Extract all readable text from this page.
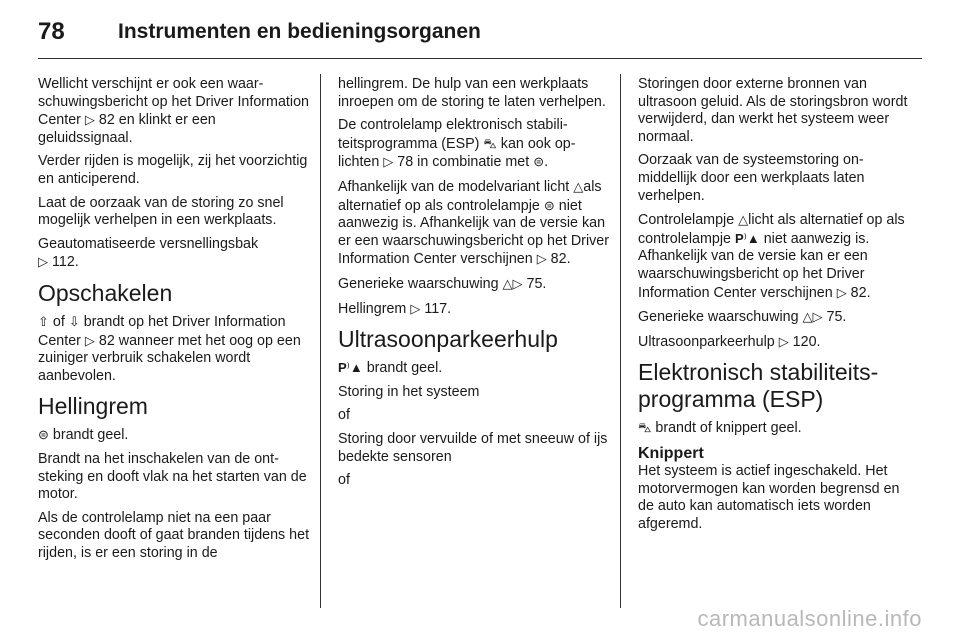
78	Instrumenten en bedieningsorganen

Wellicht verschijnt er ook een waarschuwingsbericht op het Driver Information Center ▷ 82 en klinkt er een geluidssignaal.

Verder rijden is mogelijk, zij het voorzichtig en anticiperend.

Laat de oorzaak van de storing zo snel mogelijk verhelpen in een werkplaats.

Geautomatiseerde versnellingsbak
▷ 112.

Opschakelen

⇧ of ⇩ brandt op het Driver Information Center ▷ 82 wanneer met het oog op een zuiniger verbruik schakelen wordt aanbevolen.

Hellingrem

⊜ brandt geel.

Brandt na het inschakelen van de ontsteking en dooft vlak na het starten van de motor.

Als de controlelamp niet na een paar seconden dooft of gaat branden tijdens het rijden, is er een storing in de

hellingrem. De hulp van een werkplaats inroepen om de storing te laten verhelpen.

De controlelamp elektronisch stabiliteitsprogramma (ESP) ⛍ kan ook oplichten ▷ 78 in combinatie met ⊜.

Afhankelijk van de modelvariant licht △als alternatief op als controlelampje ⊜ niet aanwezig is. Afhankelijk van de versie kan er een waarschuwingsbericht op het Driver Information Center verschijnen ▷ 82.

Generieke waarschuwing △▷ 75.

Hellingrem ▷ 117.

Ultrasoonparkeerhulp

P⁾▲ brandt geel.

Storing in het systeem

of

Storing door vervuilde of met sneeuw of ijs bedekte sensoren

of

Storingen door externe bronnen van ultrasoon geluid. Als de storingsbron wordt verwijderd, dan werkt het systeem weer normaal.

Oorzaak van de systeemstoring onmiddellijk door een werkplaats laten verhelpen.

Controlelampje △licht als alternatief op als controlelampje P⁾▲ niet aanwezig is. Afhankelijk van de versie kan er een waarschuwingsbericht op het Driver Information Center verschijnen ▷ 82.

Generieke waarschuwing △▷ 75.

Ultrasoonparkeerhulp ▷ 120.

Elektronisch stabiliteitsprogramma (ESP)

⛍ brandt of knippert geel.

Knippert

Het systeem is actief ingeschakeld. Het motorvermogen kan worden begrensd en de auto kan automatisch iets worden afgeremd.

carmanualsonline.info
